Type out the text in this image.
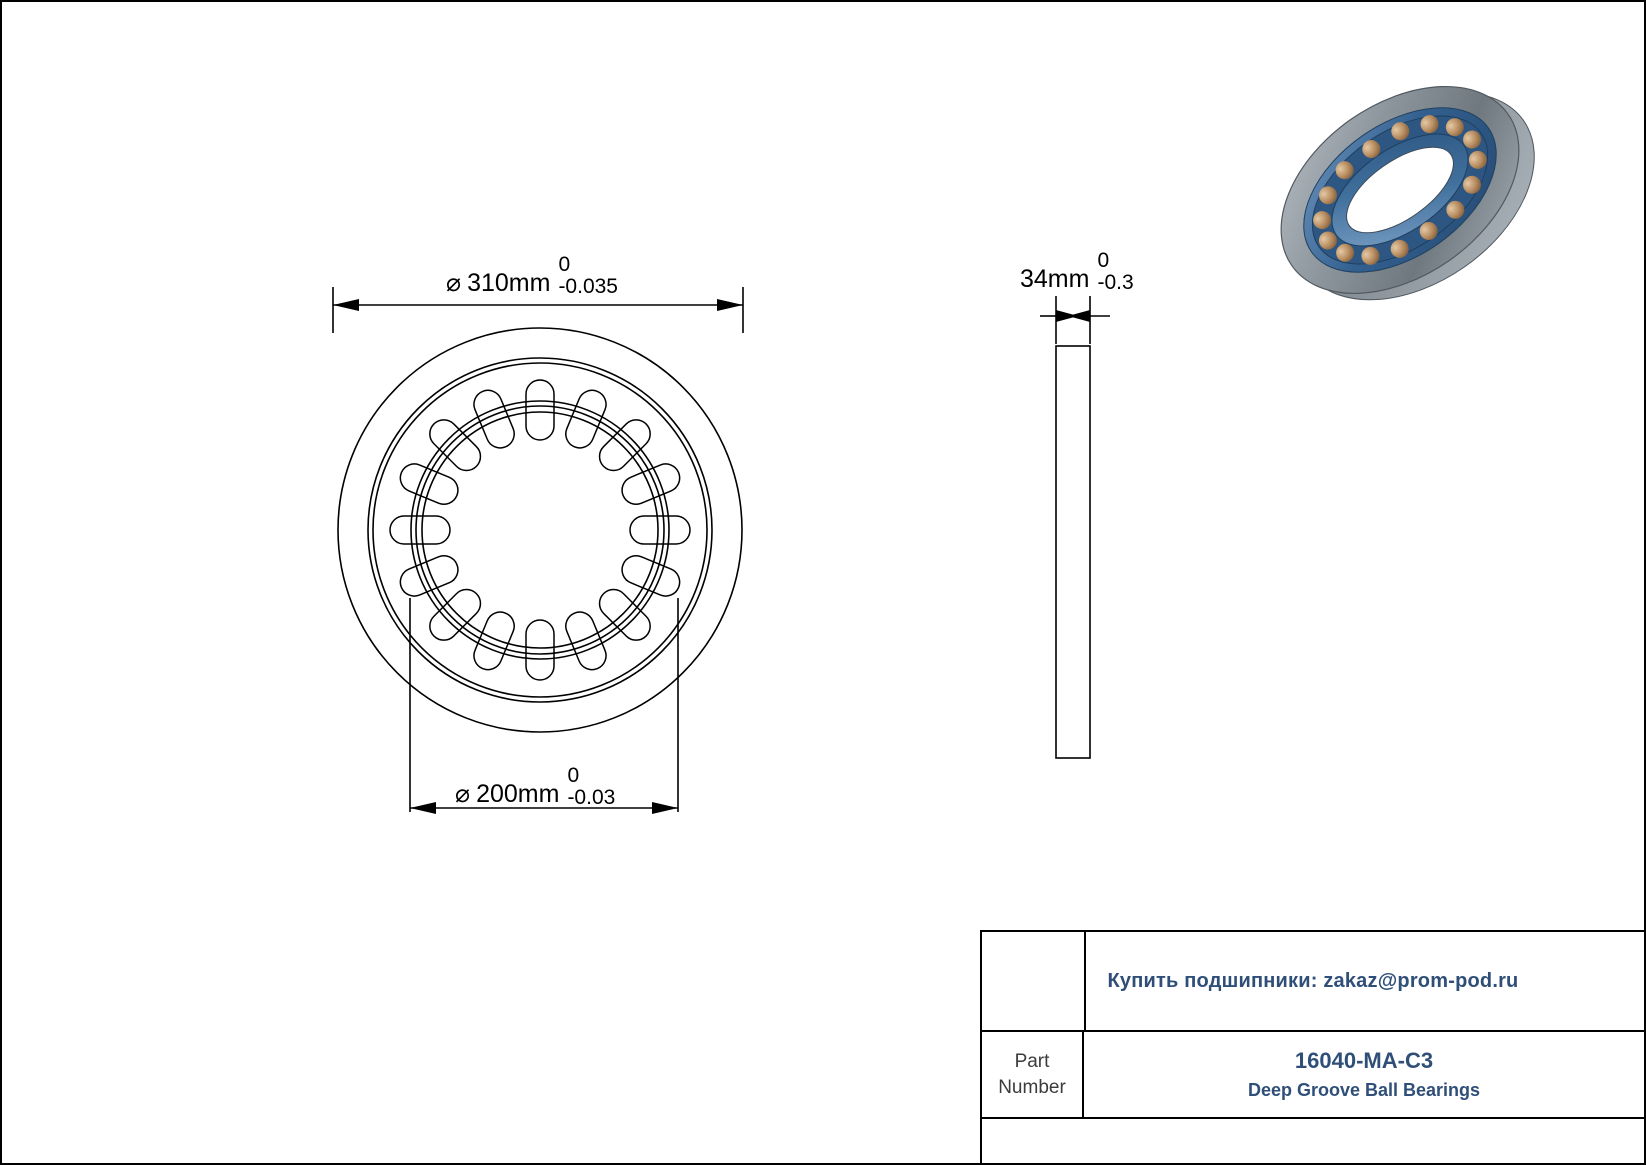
⌀ 310mm
0
-0.035
⌀ 200mm
0
-0.03
34mm
0
-0.3
Купить подшипники: zakaz@prom-pod.ru
Part
Number
16040-MA-C3
Deep Groove Ball Bearings
